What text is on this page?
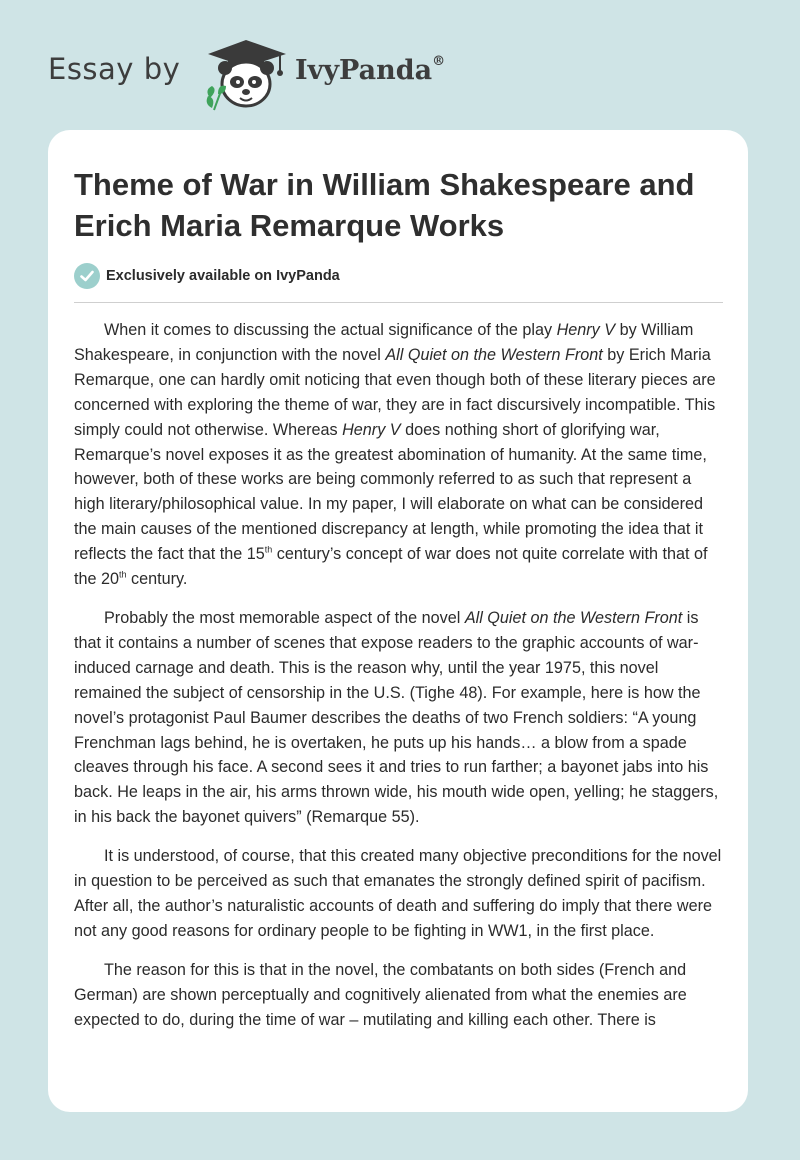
Essay by	IvyPanda®
Theme of War in William Shakespeare and Erich Maria Remarque Works
Exclusively available on IvyPanda

When it comes to discussing the actual significance of the play Henry V by William Shakespeare, in conjunction with the novel All Quiet on the Western Front by Erich Maria Remarque, one can hardly omit noticing that even though both of these literary pieces are concerned with exploring the theme of war, they are in fact discursively incompatible. This simply could not otherwise. Whereas Henry V does nothing short of glorifying war, Remarque’s novel exposes it as the greatest abomination of humanity. At the same time, however, both of these works are being commonly referred to as such that represent a high literary/philosophical value. In my paper, I will elaborate on what can be considered the main causes of the mentioned discrepancy at length, while promoting the idea that it reflects the fact that the 15th century’s concept of war does not quite correlate with that of the 20th century.

Probably the most memorable aspect of the novel All Quiet on the Western Front is that it contains a number of scenes that expose readers to the graphic accounts of war-induced carnage and death. This is the reason why, until the year 1975, this novel remained the subject of censorship in the U.S. (Tighe 48). For example, here is how the novel’s protagonist Paul Baumer describes the deaths of two French soldiers: “A young Frenchman lags behind, he is overtaken, he puts up his hands… a blow from a spade cleaves through his face. A second sees it and tries to run farther; a bayonet jabs into his back. He leaps in the air, his arms thrown wide, his mouth wide open, yelling; he staggers, in his back the bayonet quivers” (Remarque 55).

It is understood, of course, that this created many objective preconditions for the novel in question to be perceived as such that emanates the strongly defined spirit of pacifism. After all, the author’s naturalistic accounts of death and suffering do imply that there were not any good reasons for ordinary people to be fighting in WW1, in the first place.

The reason for this is that in the novel, the combatants on both sides (French and German) are shown perceptually and cognitively alienated from what the enemies are expected to do, during the time of war – mutilating and killing each other. There is
